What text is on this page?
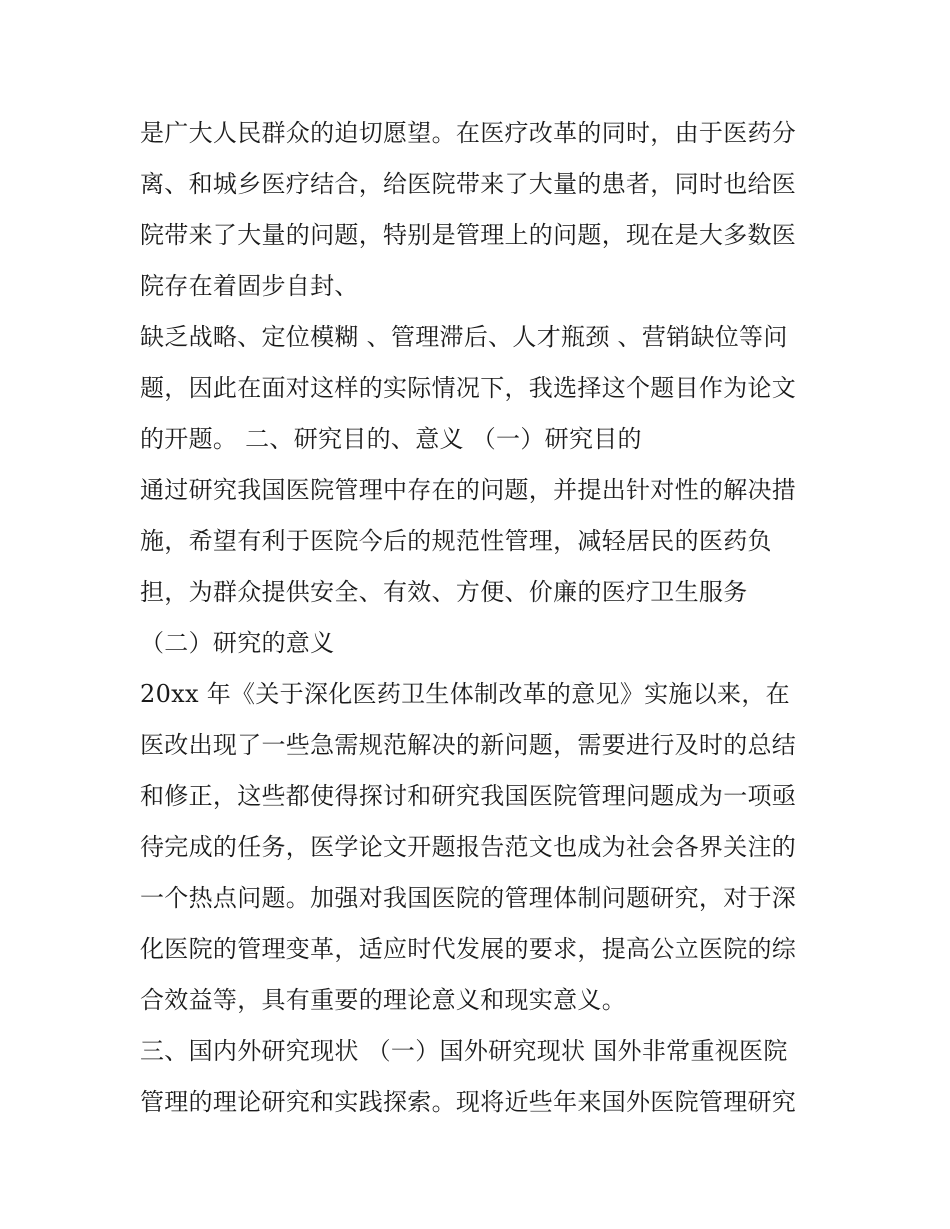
是广大人民群众的迫切愿望。在医疗改革的同时，由于医药分
离、和城乡医疗结合，给医院带来了大量的患者，同时也给医
院带来了大量的问题，特别是管理上的问题，现在是大多数医
院存在着固步自封、
缺乏战略、定位模糊 、管理滞后、人才瓶颈 、营销缺位等问
题，因此在面对这样的实际情况下，我选择这个题目作为论文
的开题。 二、研究目的、意义 （一）研究目的
通过研究我国医院管理中存在的问题，并提出针对性的解决措
施，希望有利于医院今后的规范性管理，减轻居民的医药负
担，为群众提供安全、有效、方便、价廉的医疗卫生服务
（二）研究的意义
20xx 年《关于深化医药卫生体制改革的意见》实施以来，在
医改出现了一些急需规范解决的新问题，需要进行及时的总结
和修正，这些都使得探讨和研究我国医院管理问题成为一项亟
待完成的任务，医学论文开题报告范文也成为社会各界关注的
一个热点问题。加强对我国医院的管理体制问题研究，对于深
化医院的管理变革，适应时代发展的要求，提高公立医院的综
合效益等，具有重要的理论意义和现实意义。
三、国内外研究现状 （一）国外研究现状 国外非常重视医院
管理的理论研究和实践探索。现将近些年来国外医院管理研究
